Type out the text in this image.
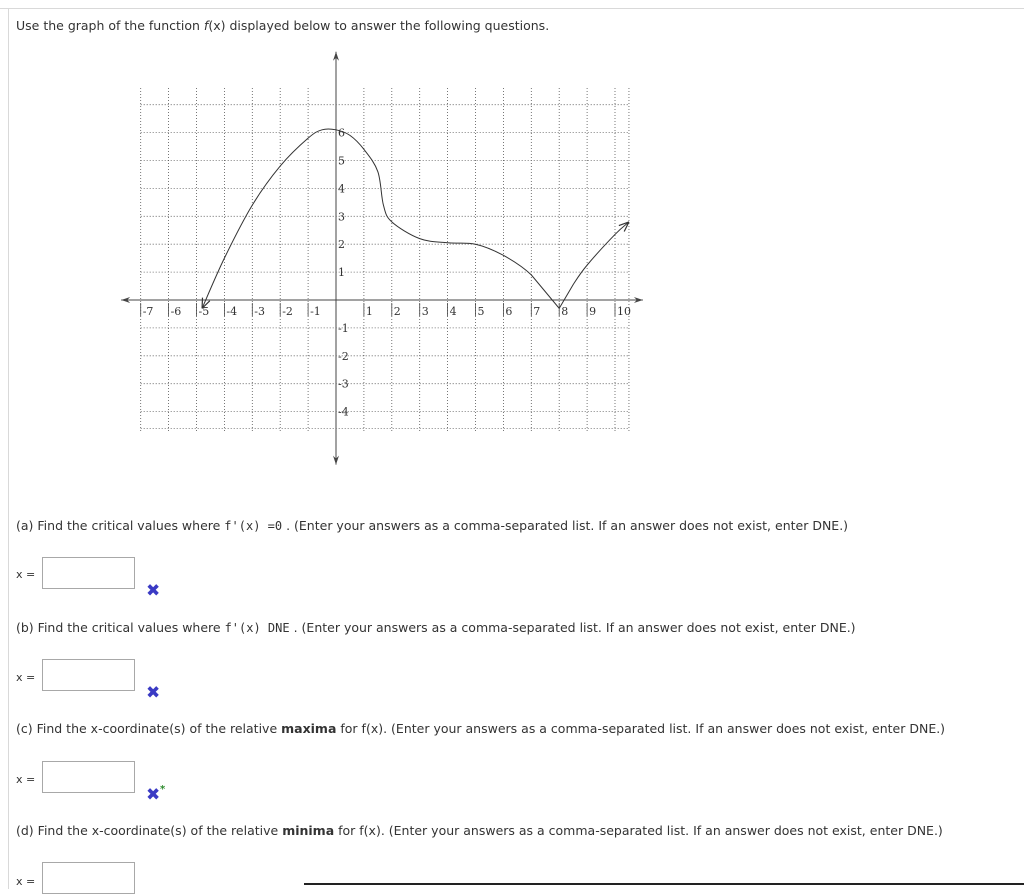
Use the graph of the function f(x) displayed below to answer the following questions.
-7 -6 -5 -4 -3 -2 -1	1 2 3 4 5 6 7 8 9 10
6
5
4
3
2
1
-1
-2
-3
-4
(a) Find the critical values where f'(x) =0 . (Enter your answers as a comma-separated list. If an answer does not exist, enter DNE.)
x =
✖
(b) Find the critical values where f'(x) DNE . (Enter your answers as a comma-separated list. If an answer does not exist, enter DNE.)
x =
✖
(c) Find the x-coordinate(s) of the relative maxima for f(x). (Enter your answers as a comma-separated list. If an answer does not exist, enter DNE.)
x =
✖ *
(d) Find the x-coordinate(s) of the relative minima for f(x). (Enter your answers as a comma-separated list. If an answer does not exist, enter DNE.)
x =
